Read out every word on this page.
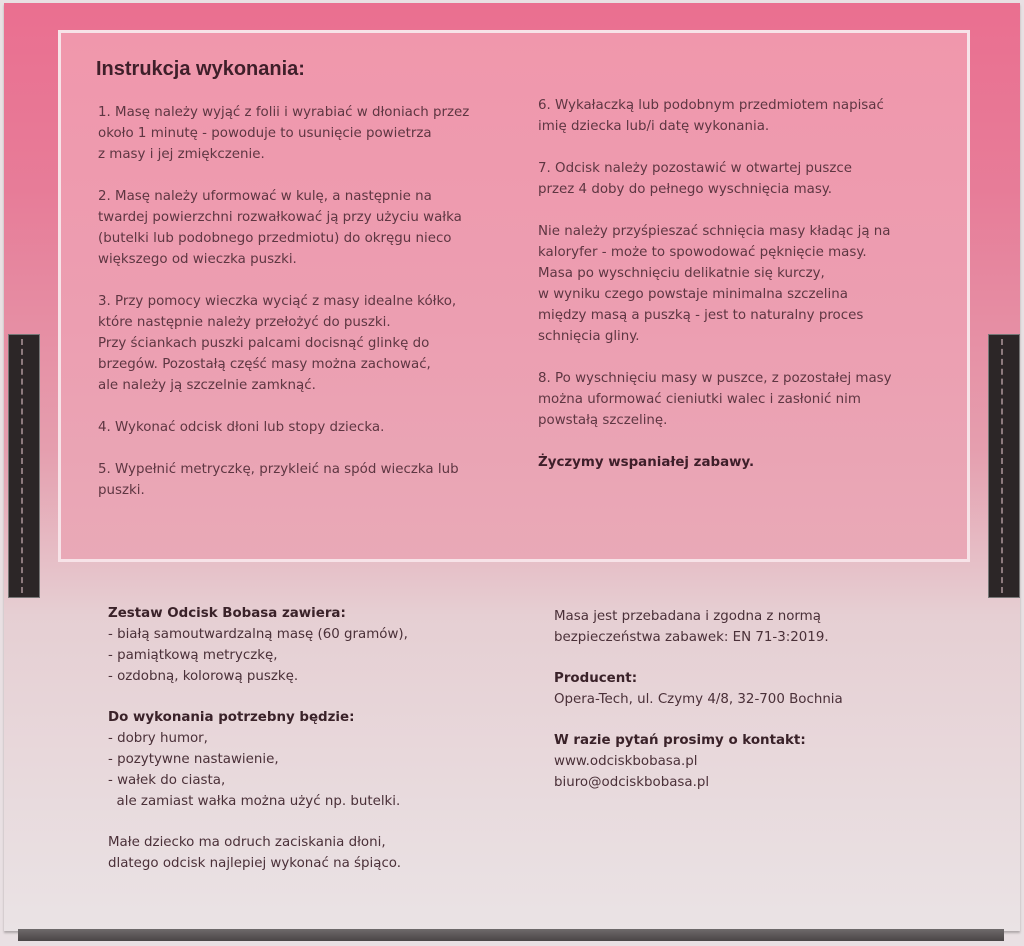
Instrukcja wykonania:

1. Masę należy wyjąć z folii i wyrabiać w dłoniach przez
około 1 minutę - powoduje to usunięcie powietrza
z masy i jej zmiękczenie.

2. Masę należy uformować w kulę, a następnie na
twardej powierzchni rozwałkować ją przy użyciu wałka
(butelki lub podobnego przedmiotu) do okręgu nieco
większego od wieczka puszki.

3. Przy pomocy wieczka wyciąć z masy idealne kółko,
które następnie należy przełożyć do puszki.
Przy ściankach puszki palcami docisnąć glinkę do
brzegów. Pozostałą część masy można zachować,
ale należy ją szczelnie zamknąć.

4. Wykonać odcisk dłoni lub stopy dziecka.

5. Wypełnić metryczkę, przykleić na spód wieczka lub
puszki.

6. Wykałaczką lub podobnym przedmiotem napisać
imię dziecka lub/i datę wykonania.

7. Odcisk należy pozostawić w otwartej puszce
przez 4 doby do pełnego wyschnięcia masy.

Nie należy przyśpieszać schnięcia masy kładąc ją na
kaloryfer - może to spowodować pęknięcie masy.
Masa po wyschnięciu delikatnie się kurczy,
w wyniku czego powstaje minimalna szczelina
między masą a puszką - jest to naturalny proces
schnięcia gliny.

8. Po wyschnięciu masy w puszce, z pozostałej masy
można uformować cieniutki walec i zasłonić nim
powstałą szczelinę.

Życzymy wspaniałej zabawy.

Zestaw Odcisk Bobasa zawiera:

- białą samoutwardzalną masę (60 gramów),

- pamiątkową metryczkę,

- ozdobną, kolorową puszkę.

Do wykonania potrzebny będzie:

- dobry humor,

- pozytywne nastawienie,

- wałek do ciasta,

ale zamiast wałka można użyć np. butelki.

Małe dziecko ma odruch zaciskania dłoni,
dlatego odcisk najlepiej wykonać na śpiąco.

Masa jest przebadana i zgodna z normą
bezpieczeństwa zabawek: EN 71-3:2019.

Producent:

Opera-Tech, ul. Czymy 4/8, 32-700 Bochnia

W razie pytań prosimy o kontakt:

www.odciskbobasa.pl

biuro@odciskbobasa.pl
